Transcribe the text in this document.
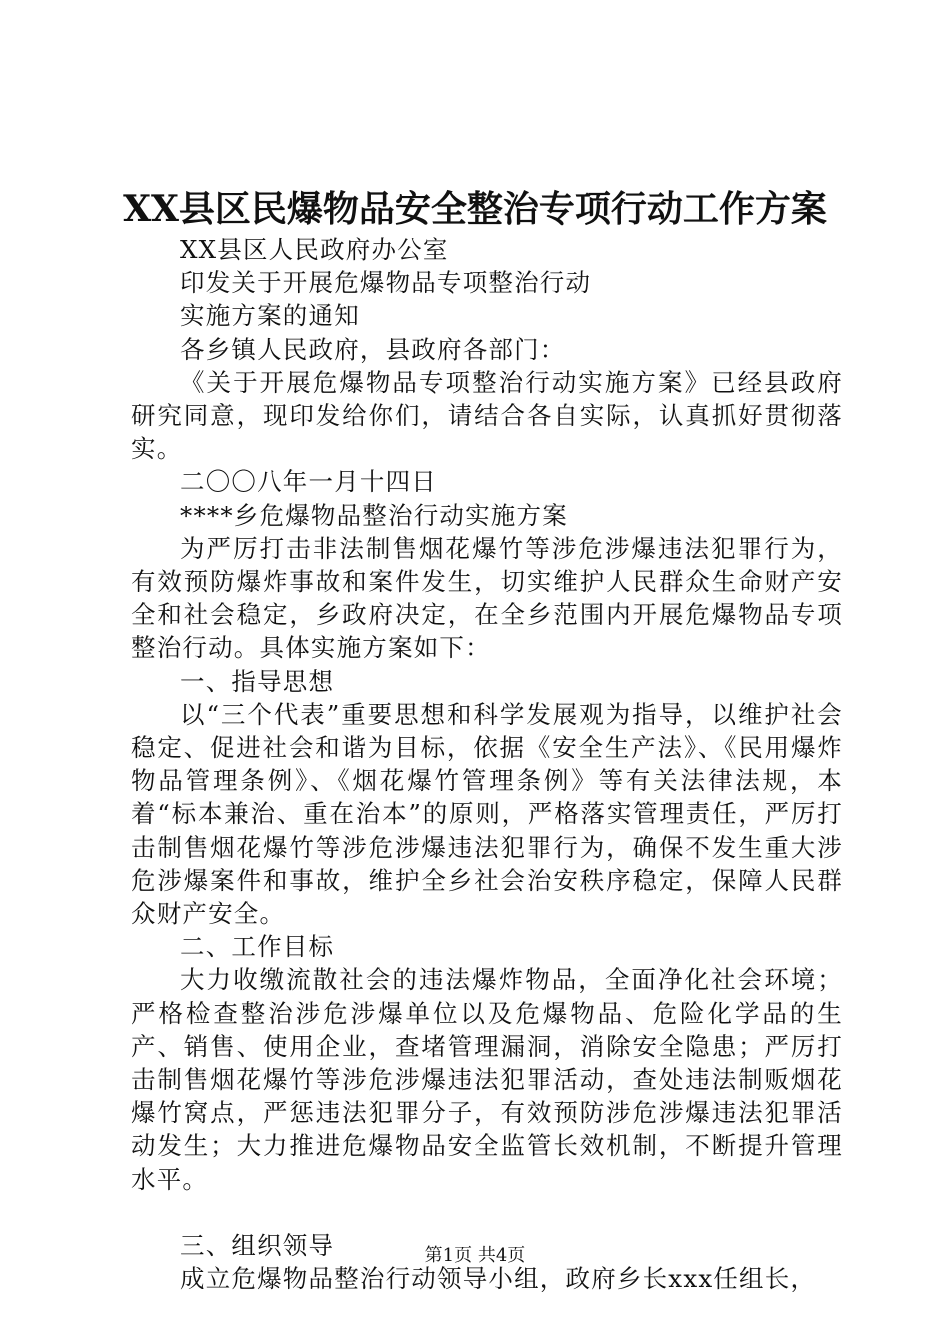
XX县区民爆物品安全整治专项行动工作方案

XX县区人民政府办公室

印发关于开展危爆物品专项整治行动

实施方案的通知

各乡镇人民政府，县政府各部门：

《关于开展危爆物品专项整治行动实施方案》已经县政府研究同意，现印发给你们，请结合各自实际，认真抓好贯彻落实。

二〇〇八年一月十四日

****乡危爆物品整治行动实施方案

为严厉打击非法制售烟花爆竹等涉危涉爆违法犯罪行为，有效预防爆炸事故和案件发生，切实维护人民群众生命财产安全和社会稳定，乡政府决定，在全乡范围内开展危爆物品专项整治行动。具体实施方案如下：

一、指导思想

以“三个代表”重要思想和科学发展观为指导，以维护社会稳定、促进社会和谐为目标，依据《安全生产法》、《民用爆炸物品管理条例》、《烟花爆竹管理条例》等有关法律法规，本着“标本兼治、重在治本”的原则，严格落实管理责任，严厉打击制售烟花爆竹等涉危涉爆违法犯罪行为，确保不发生重大涉危涉爆案件和事故，维护全乡社会治安秩序稳定，保障人民群众财产安全。

二、工作目标

大力收缴流散社会的违法爆炸物品，全面净化社会环境；严格检查整治涉危涉爆单位以及危爆物品、危险化学品的生产、销售、使用企业，查堵管理漏洞，消除安全隐患；严厉打击制售烟花爆竹等涉危涉爆违法犯罪活动，查处违法制贩烟花爆竹窝点，严惩违法犯罪分子，有效预防涉危涉爆违法犯罪活动发生；大力推进危爆物品安全监管长效机制，不断提升管理水平。

三、组织领导

成立危爆物品整治行动领导小组，政府乡长xxx任组长，

第1页 共4页
